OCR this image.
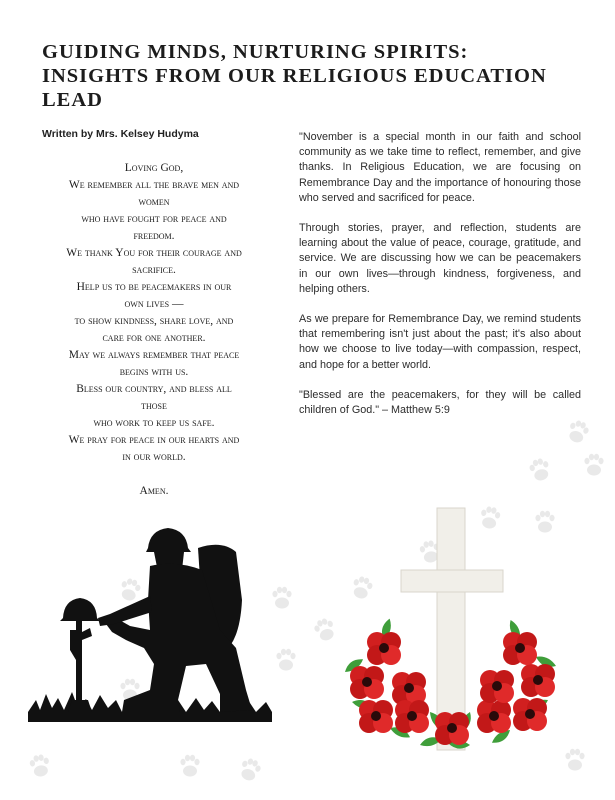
GUIDING MINDS, NURTURING SPIRITS:
INSIGHTS FROM OUR RELIGIOUS EDUCATION
LEAD
Written by Mrs. Kelsey Hudyma
Loving God,
We remember all the brave men and
women
who have fought for peace and
freedom.
We thank You for their courage and
sacrifice.
Help us to be peacemakers in our
own lives —
to show kindness, share love, and
care for one another.
May we always remember that peace
begins with us.
Bless our country, and bless all
those
who work to keep us safe.
We pray for peace in our hearts and
in our world.
Amen.

"November is a special month in our faith and school community as we take time to reflect, remember, and give thanks. In Religious Education, we are focusing on Remembrance Day and the importance of honouring those who served and sacrificed for peace.

Through stories, prayer, and reflection, students are learning about the value of peace, courage, gratitude, and service. We are discussing how we can be peacemakers in our own lives—through kindness, forgiveness, and helping others.

As we prepare for Remembrance Day, we remind students that remembering isn't just about the past; it's also about how we choose to live today—with compassion, respect, and hope for a better world.

"Blessed are the peacemakers, for they will be called children of God." – Matthew 5:9
